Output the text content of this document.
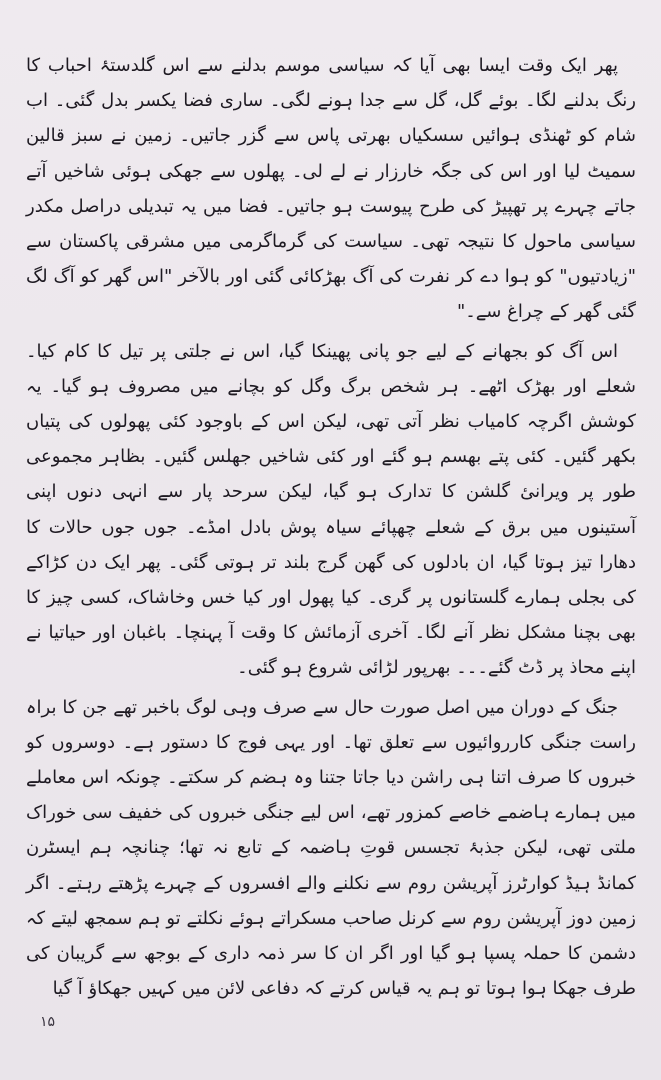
پھر ایک وقت ایسا بھی آیا کہ سیاسی موسم بدلنے سے اس گلدستۂ احباب کا رنگ بدلنے لگا۔ بوئے گل، گل سے جدا ہونے لگی۔ ساری فضا یکسر بدل گئی۔ اب شام کو ٹھنڈی ہوائیں سسکیاں بھرتی پاس سے گزر جاتیں۔ زمین نے سبز قالین سمیٹ لیا اور اس کی جگہ خارزار نے لے لی۔ پھلوں سے جھکی ہوئی شاخیں آتے جاتے چہرے پر تھپیڑ کی طرح پیوست ہو جاتیں۔ فضا میں یہ تبدیلی دراصل مکدر سیاسی ماحول کا نتیجہ تھی۔ سیاست کی گرماگرمی میں مشرقی پاکستان سے "زیادتیوں" کو ہوا دے کر نفرت کی آگ بھڑکائی گئی اور بالآخر "اس گھر کو آگ لگ گئی گھر کے چراغ سے۔"

اس آگ کو بجھانے کے لیے جو پانی پھینکا گیا، اس نے جلتی پر تیل کا کام کیا۔ شعلے اور بھڑک اٹھے۔ ہر شخص برگ وگل کو بچانے میں مصروف ہو گیا۔ یہ کوشش اگرچہ کامیاب نظر آتی تھی، لیکن اس کے باوجود کئی پھولوں کی پتیاں بکھر گئیں۔ کئی پتے بھسم ہو گئے اور کئی شاخیں جھلس گئیں۔ بظاہر مجموعی طور پر ویرانیٔ گلشن کا تدارک ہو گیا، لیکن سرحد پار سے انہی دنوں اپنی آستینوں میں برق کے شعلے چھپائے سیاہ پوش بادل امڈے۔ جوں جوں حالات کا دھارا تیز ہوتا گیا، ان بادلوں کی گھن گرج بلند تر ہوتی گئی۔ پھر ایک دن کڑاکے کی بجلی ہمارے گلستانوں پر گری۔ کیا پھول اور کیا خس وخاشاک، کسی چیز کا بھی بچنا مشکل نظر آنے لگا۔ آخری آزمائش کا وقت آ پہنچا۔ باغبان اور حیاتیا نے اپنے محاذ پر ڈٹ گئے۔۔۔ بھرپور لڑائی شروع ہو گئی۔

جنگ کے دوران میں اصل صورت حال سے صرف وہی لوگ باخبر تھے جن کا براہ راست جنگی کارروائیوں سے تعلق تھا۔ اور یہی فوج کا دستور ہے۔ دوسروں کو خبروں کا صرف اتنا ہی راشن دیا جاتا جتنا وہ ہضم کر سکتے۔ چونکہ اس معاملے میں ہمارے ہاضمے خاصے کمزور تھے، اس لیے جنگی خبروں کی خفیف سی خوراک ملتی تھی، لیکن جذبۂ تجسس قوتِ ہاضمہ کے تابع نہ تھا؛ چنانچہ ہم ایسٹرن کمانڈ ہیڈ کوارٹرز آپریشن روم سے نکلنے والے افسروں کے چہرے پڑھتے رہتے۔ اگر زمین دوز آپریشن روم سے کرنل صاحب مسکراتے ہوئے نکلتے تو ہم سمجھ لیتے کہ دشمن کا حملہ پسپا ہو گیا اور اگر ان کا سر ذمہ داری کے بوجھ سے گریبان کی طرف جھکا ہوا ہوتا تو ہم یہ قیاس کرتے کہ دفاعی لائن میں کہیں جھکاؤ آ گیا

۱۵
